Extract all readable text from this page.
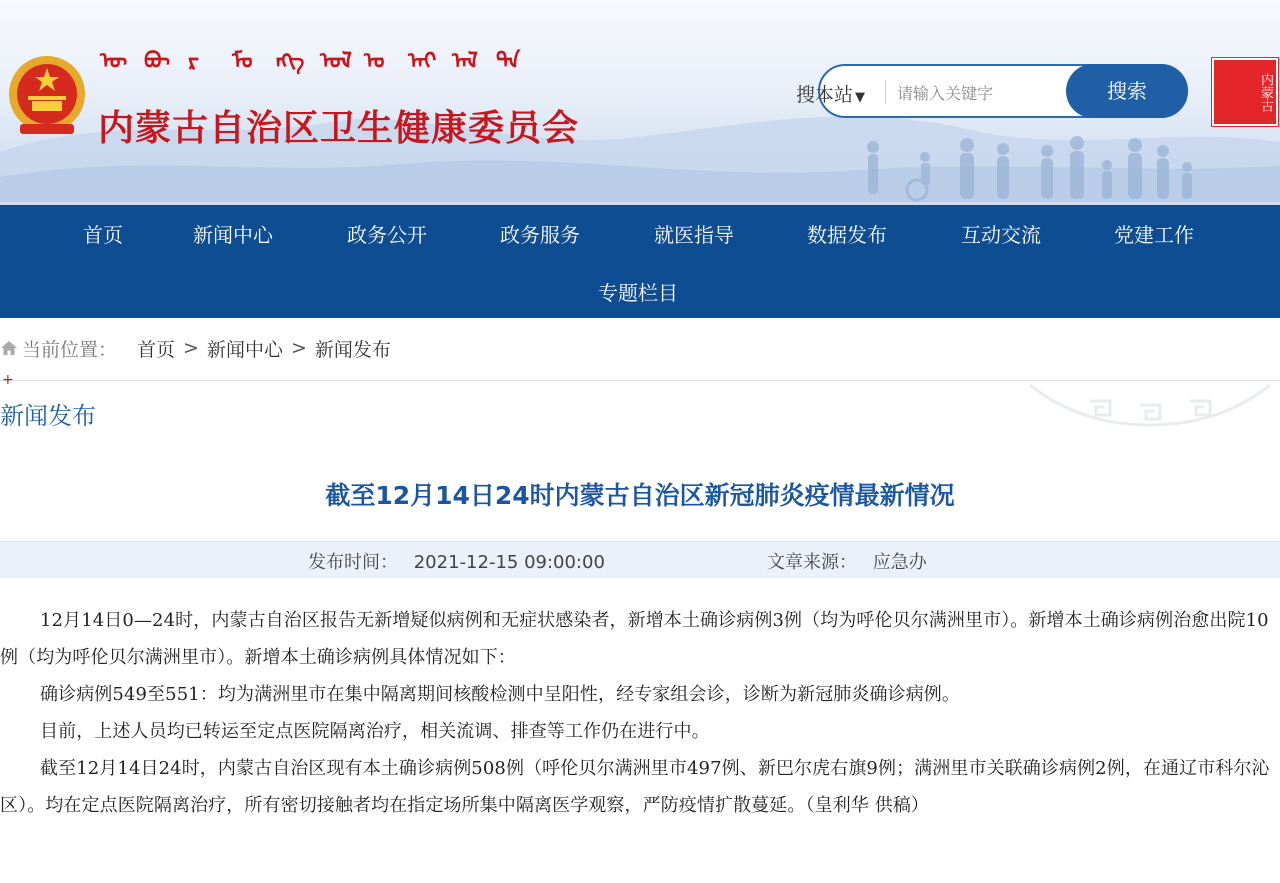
ᠥ ᠪᠦ ᠷ ᠮᠣ ᠩᠭ ᠣᠯ ᠤ ᠠᠶ ᠠᠯ ᠲᠡ
内蒙古自治区卫生健康委员会
搜本站 ▼
请输入关键字	搜索	内蒙古
首页	新闻中心	政务公开	政务服务	就医指导	数据发布	互动交流	党建工作
专题栏目
当前位置： 首页 > 新闻中心 > 新闻发布
+
新闻发布
截至12月14日24时内蒙古自治区新冠肺炎疫情最新情况
发布时间： 2021-12-15 09:00:00	文章来源： 应急办

12月14日0—24时，内蒙古自治区报告无新增疑似病例和无症状感染者，新增本土确诊病例3例（均为呼伦贝尔满洲里市）。新增本土确诊病例治愈出院10例（均为呼伦贝尔满洲里市）。新增本土确诊病例具体情况如下：

确诊病例549至551：均为满洲里市在集中隔离期间核酸检测中呈阳性，经专家组会诊，诊断为新冠肺炎确诊病例。

目前，上述人员均已转运至定点医院隔离治疗，相关流调、排查等工作仍在进行中。

截至12月14日24时，内蒙古自治区现有本土确诊病例508例（呼伦贝尔满洲里市497例、新巴尔虎右旗9例；满洲里市关联确诊病例2例，在通辽市科尔沁区）。均在定点医院隔离治疗，所有密切接触者均在指定场所集中隔离医学观察，严防疫情扩散蔓延。（皇利华 供稿）
